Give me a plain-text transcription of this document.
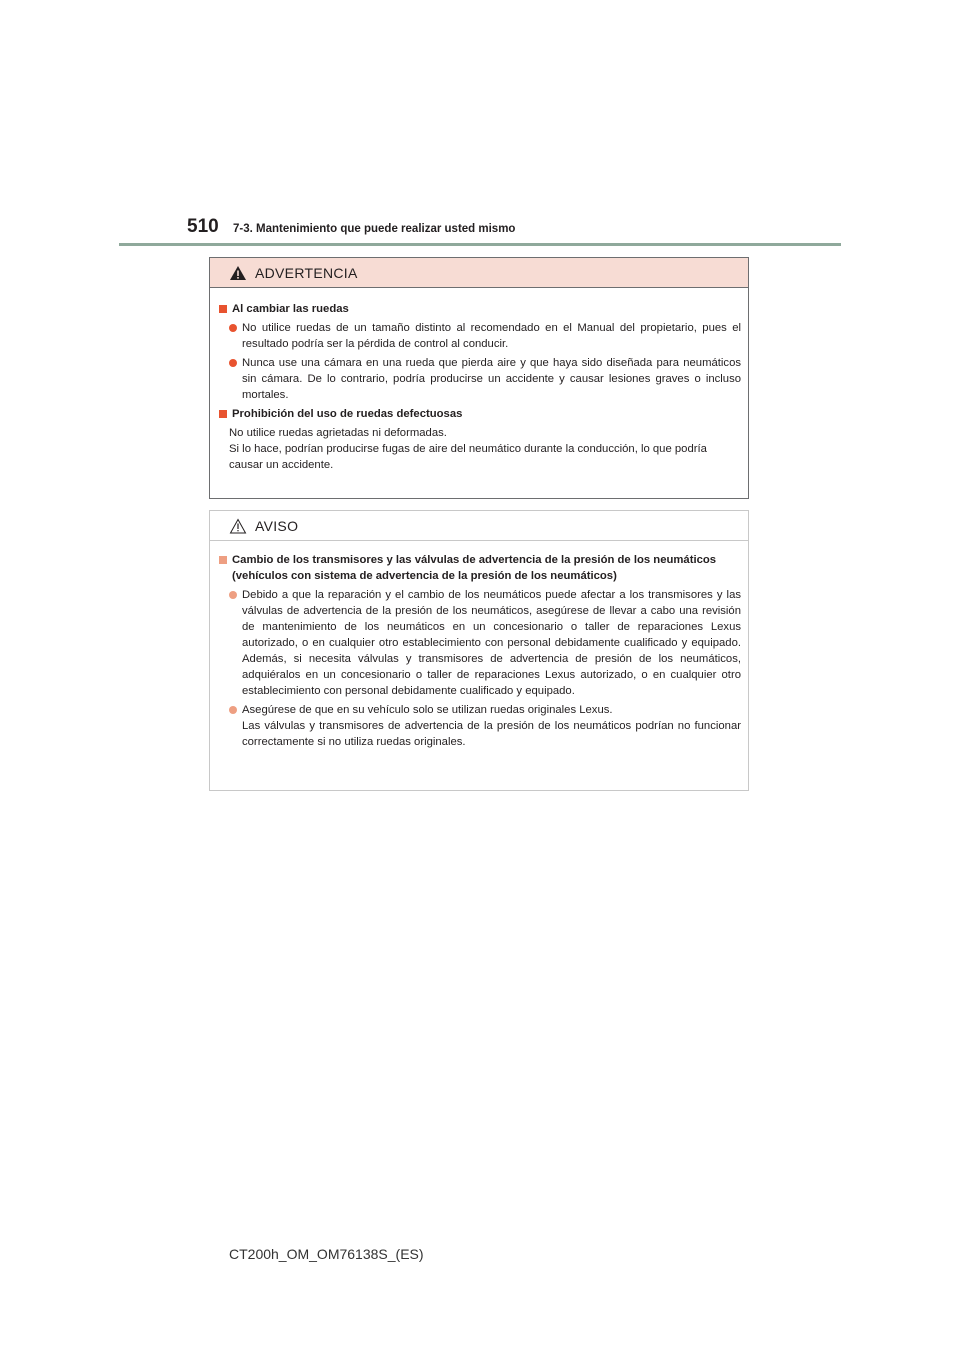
510 7-3. Mantenimiento que puede realizar usted mismo
ADVERTENCIA
Al cambiar las ruedas
No utilice ruedas de un tamaño distinto al recomendado en el Manual del propietario, pues el resultado podría ser la pérdida de control al conducir.
Nunca use una cámara en una rueda que pierda aire y que haya sido diseñada para neumáticos sin cámara. De lo contrario, podría producirse un accidente y causar lesiones graves o incluso mortales.
Prohibición del uso de ruedas defectuosas
No utilice ruedas agrietadas ni deformadas.
Si lo hace, podrían producirse fugas de aire del neumático durante la conducción, lo que podría causar un accidente.
AVISO
Cambio de los transmisores y las válvulas de advertencia de la presión de los neumáticos (vehículos con sistema de advertencia de la presión de los neumáticos)
Debido a que la reparación y el cambio de los neumáticos puede afectar a los transmisores y las válvulas de advertencia de la presión de los neumáticos, asegúrese de llevar a cabo una revisión de mantenimiento de los neumáticos en un concesionario o taller de reparaciones Lexus autorizado, o en cualquier otro establecimiento con personal debidamente cualificado y equipado. Además, si necesita válvulas y transmisores de advertencia de presión de los neumáticos, adquiéralos en un concesionario o taller de reparaciones Lexus autorizado, o en cualquier otro establecimiento con personal debidamente cualificado y equipado.
Asegúrese de que en su vehículo solo se utilizan ruedas originales Lexus.
Las válvulas y transmisores de advertencia de la presión de los neumáticos podrían no funcionar correctamente si no utiliza ruedas originales.
CT200h_OM_OM76138S_(ES)
